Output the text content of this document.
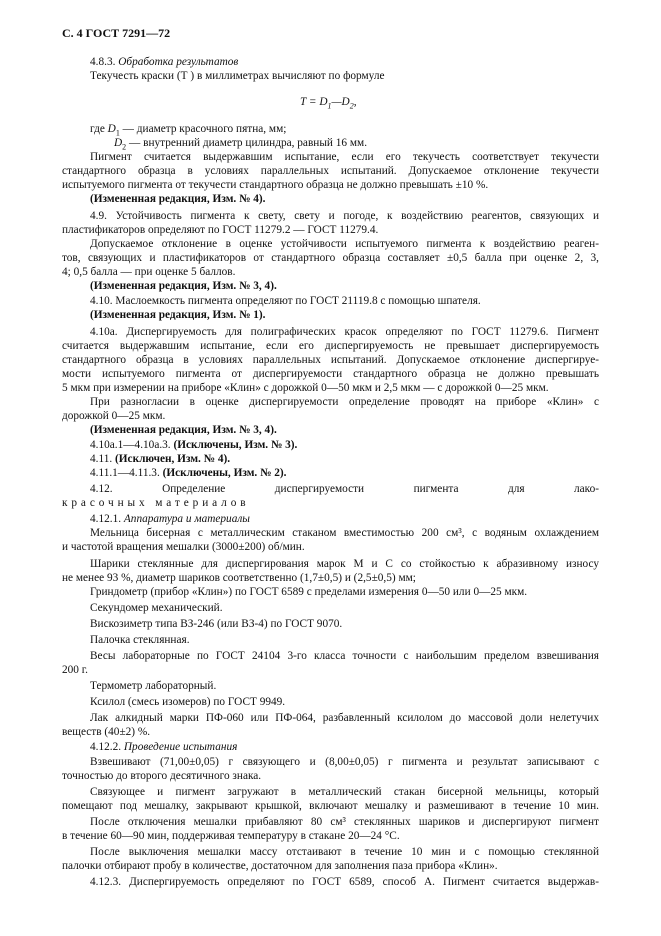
С. 4 ГОСТ 7291—72
4.8.3. Обработка результатов
Текучесть краски (Т ) в миллиметрах вычисляют по формуле
$T = D_1—D_2$,
где $D_1$ — диаметр красочного пятна, мм;
$D_2$ — внутренний диаметр цилиндра, равный 16 мм.
Пигмент считается выдержавшим испытание, если его текучесть соответствует текучести
стандартного образца в условиях параллельных испытаний. Допускаемое отклонение текучести
испытуемого пигмента от текучести стандартного образца не должно превышать ±10 %.
(Измененная редакция, Изм. № 4).
4.9. Устойчивость пигмента к свету, свету и погоде, к воздействию реагентов, связующих и
пластификаторов определяют по ГОСТ 11279.2 — ГОСТ 11279.4.
Допускаемое отклонение в оценке устойчивости испытуемого пигмента к воздействию реаген-
тов, связующих и пластификаторов от стандартного образца составляет ±0,5 балла при оценке 2, 3,
4; 0,5 балла — при оценке 5 баллов.
(Измененная редакция, Изм. № 3, 4).
4.10. Маслоемкость пигмента определяют по ГОСТ 21119.8 с помощью шпателя.
(Измененная редакция, Изм. № 1).
4.10а. Диспергируемость для полиграфических красок определяют по ГОСТ 11279.6. Пигмент
считается выдержавшим испытание, если его диспергируемость не превышает диспергируемость
стандартного образца в условиях параллельных испытаний. Допускаемое отклонение диспергируе-
мости испытуемого пигмента от диспергируемости стандартного образца не должно превышать
5 мкм при измерении на приборе «Клин» с дорожкой 0—50 мкм и 2,5 мкм — с дорожкой 0—25 мкм.
При разногласии в оценке диспергируемости определение проводят на приборе «Клин» с
дорожкой 0—25 мкм.
(Измененная редакция, Изм. № 3, 4).
4.10а.1—4.10а.3. (Исключены, Изм. № 3).
4.11. (Исключен, Изм. № 4).
4.11.1—4.11.3. (Исключены, Изм. № 2).
4.12. Определение диспергируемости пигмента для лако-
красочных материалов
4.12.1. Аппаратура и материалы
Мельница бисерная с металлическим стаканом вместимостью 200 см³, с водяным охлаждением
и частотой вращения мешалки (3000±200) об/мин.
Шарики стеклянные для диспергирования марок М и С со стойкостью к абразивному износу
не менее 93 %, диаметр шариков соответственно (1,7±0,5) и (2,5±0,5) мм;
Гриндометр (прибор «Клин») по ГОСТ 6589 с пределами измерения 0—50 или 0—25 мкм.
Секундомер механический.
Вискозиметр типа ВЗ-246 (или ВЗ-4) по ГОСТ 9070.
Палочка стеклянная.
Весы лабораторные по ГОСТ 24104 3-го класса точности с наибольшим пределом взвешивания
200 г.
Термометр лабораторный.
Ксилол (смесь изомеров) по ГОСТ 9949.
Лак алкидный марки ПФ-060 или ПФ-064, разбавленный ксилолом до массовой доли нелетучих
веществ (40±2) %.
4.12.2. Проведение испытания
Взвешивают (71,00±0,05) г связующего и (8,00±0,05) г пигмента и результат записывают с
точностью до второго десятичного знака.
Связующее и пигмент загружают в металлический стакан бисерной мельницы, который
помещают под мешалку, закрывают крышкой, включают мешалку и размешивают в течение 10 мин.
После отключения мешалки прибавляют 80 см³ стеклянных шариков и диспергируют пигмент
в течение 60—90 мин, поддерживая температуру в стакане 20—24 °С.
После выключения мешалки массу отстаивают в течение 10 мин и с помощью стеклянной
палочки отбирают пробу в количестве, достаточном для заполнения паза прибора «Клин».
4.12.3. Диспергируемость определяют по ГОСТ 6589, способ А. Пигмент считается выдержав-
